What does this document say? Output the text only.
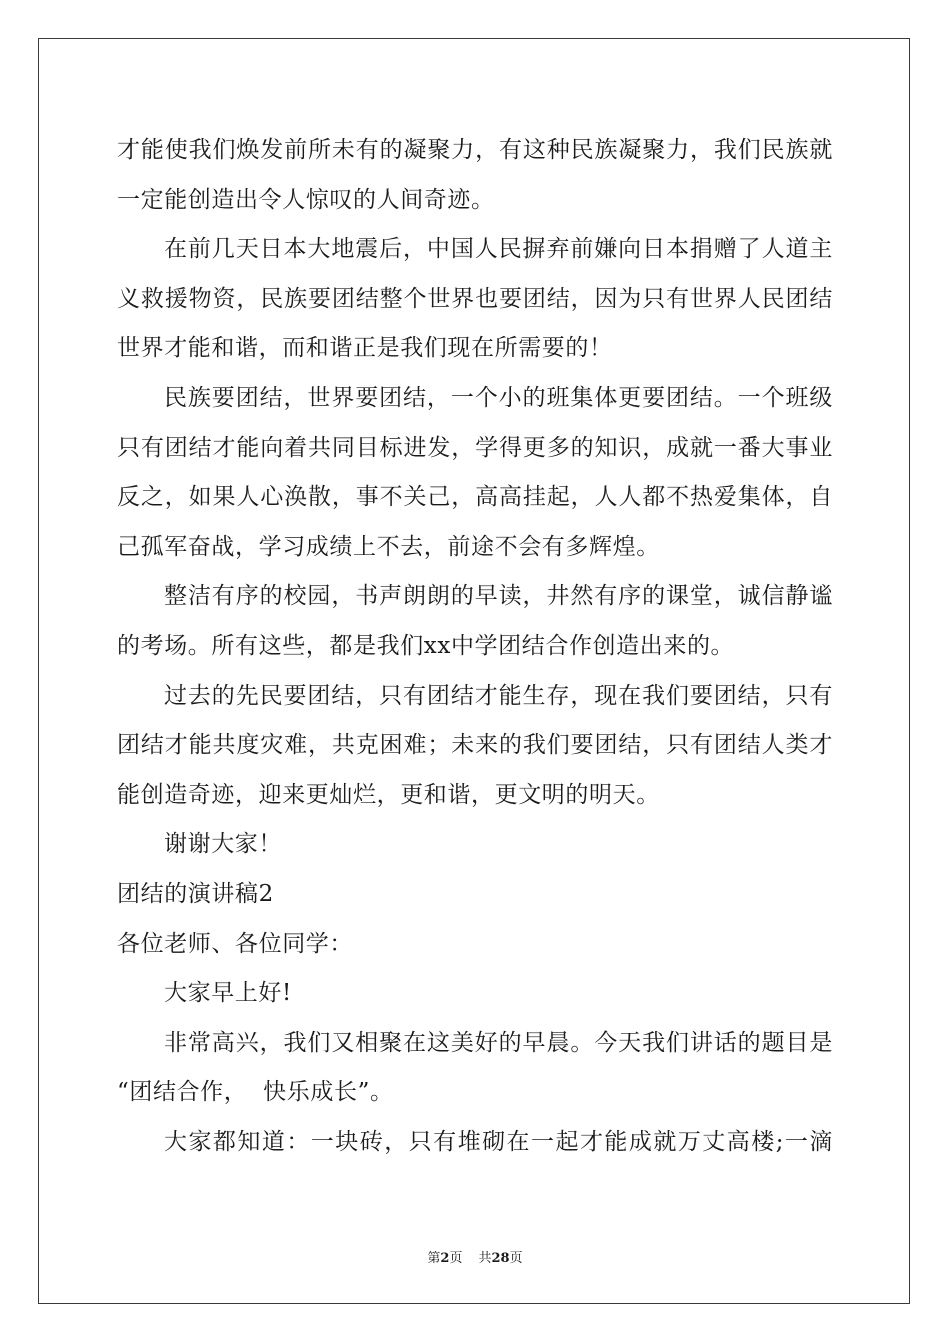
才能使我们焕发前所未有的凝聚力，有这种民族凝聚力，我们民族就
一定能创造出令人惊叹的人间奇迹。
在前几天日本大地震后，中国人民摒弃前嫌向日本捐赠了人道主
义救援物资，民族要团结整个世界也要团结，因为只有世界人民团结
世界才能和谐，而和谐正是我们现在所需要的！
民族要团结，世界要团结，一个小的班集体更要团结。一个班级
只有团结才能向着共同目标进发，学得更多的知识，成就一番大事业
反之，如果人心涣散，事不关己，高高挂起，人人都不热爱集体，自
己孤军奋战，学习成绩上不去，前途不会有多辉煌。
整洁有序的校园，书声朗朗的早读，井然有序的课堂，诚信静谧
的考场。所有这些，都是我们xx中学团结合作创造出来的。
过去的先民要团结，只有团结才能生存，现在我们要团结，只有
团结才能共度灾难，共克困难；未来的我们要团结，只有团结人类才
能创造奇迹，迎来更灿烂，更和谐，更文明的明天。
谢谢大家！
团结的演讲稿2
各位老师、各位同学：
大家早上好!
非常高兴，我们又相聚在这美好的早晨。今天我们讲话的题目是
“团结合作，  快乐成长”。
大家都知道：一块砖，只有堆砌在一起才能成就万丈高楼;一滴
第2页 共28页
